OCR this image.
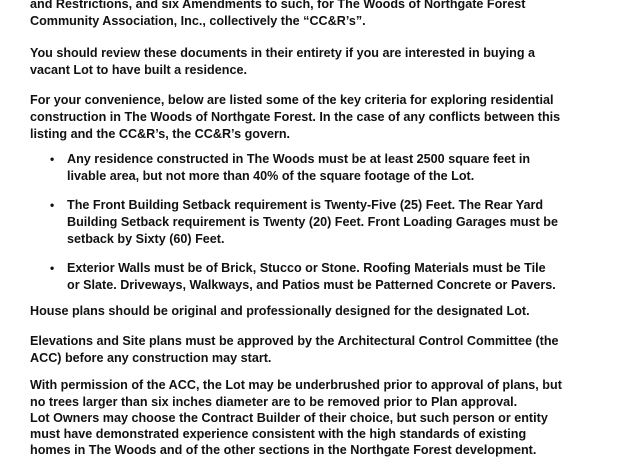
and Restrictions, and six Amendments to such, for The Woods of Northgate Forest

Community Association, Inc., collectively the “CC&R’s”.

You should review these documents in their entirety if you are interested in buying a

vacant Lot to have built a residence.

For your convenience, below are listed some of the key criteria for exploring residential

construction in The Woods of Northgate Forest. In the case of any conflicts between this

listing and the CC&R’s, the CC&R’s govern.

• Any residence constructed in The Woods must be at least 2500 square feet in

livable area, but not more than 40% of the square footage of the Lot.

• The Front Building Setback requirement is Twenty-Five (25) Feet. The Rear Yard

Building Setback requirement is Twenty (20) Feet. Front Loading Garages must be

setback by Sixty (60) Feet.

• Exterior Walls must be of Brick, Stucco or Stone. Roofing Materials must be Tile

or Slate. Driveways, Walkways, and Patios must be Patterned Concrete or Pavers.

House plans should be original and professionally designed for the designated Lot.

Elevations and Site plans must be approved by the Architectural Control Committee (the

ACC) before any construction may start.

With permission of the ACC, the Lot may be underbrushed prior to approval of plans, but

no trees larger than six inches diameter are to be removed prior to Plan approval.

Lot Owners may choose the Contract Builder of their choice, but such person or entity

must have demonstrated experience consistent with the high standards of existing

homes in The Woods and of the other sections in the Northgate Forest development.
